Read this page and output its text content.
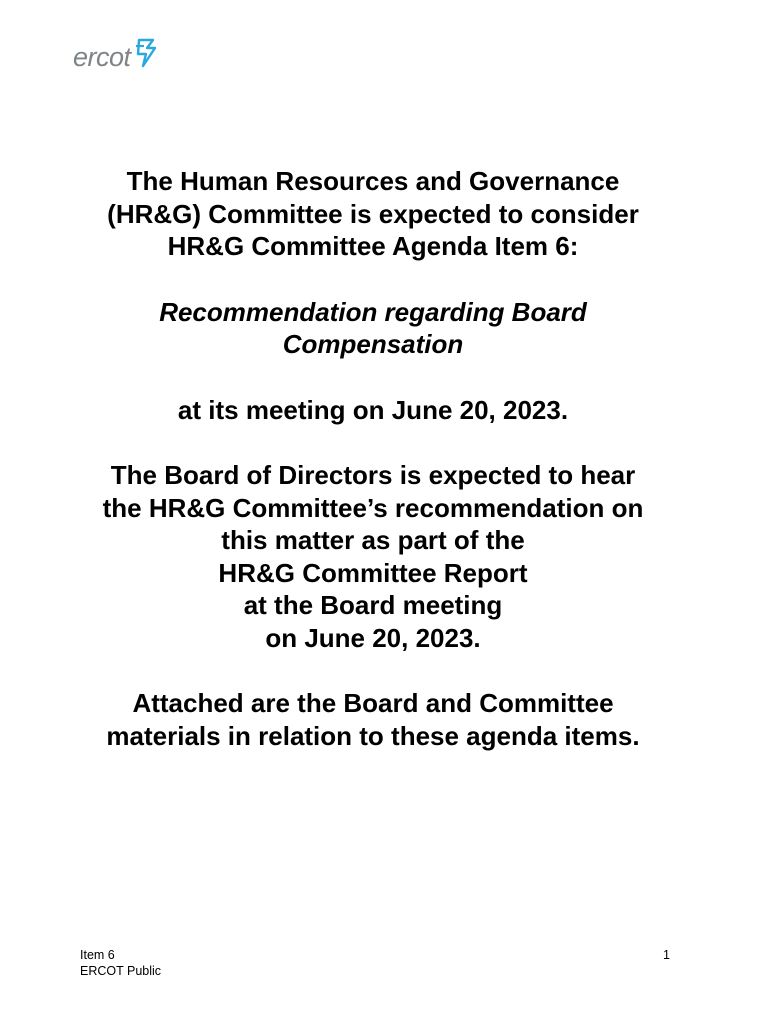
ercot

The Human Resources and Governance

(HR&G) Committee is expected to consider

HR&G Committee Agenda Item 6:

Recommendation regarding Board

Compensation

at its meeting on June 20, 2023.

The Board of Directors is expected to hear

the HR&G Committee’s recommendation on

this matter as part of the

HR&G Committee Report

at the Board meeting

on June 20, 2023.

Attached are the Board and Committee

materials in relation to these agenda items.

Item 6
ERCOT Public
1
